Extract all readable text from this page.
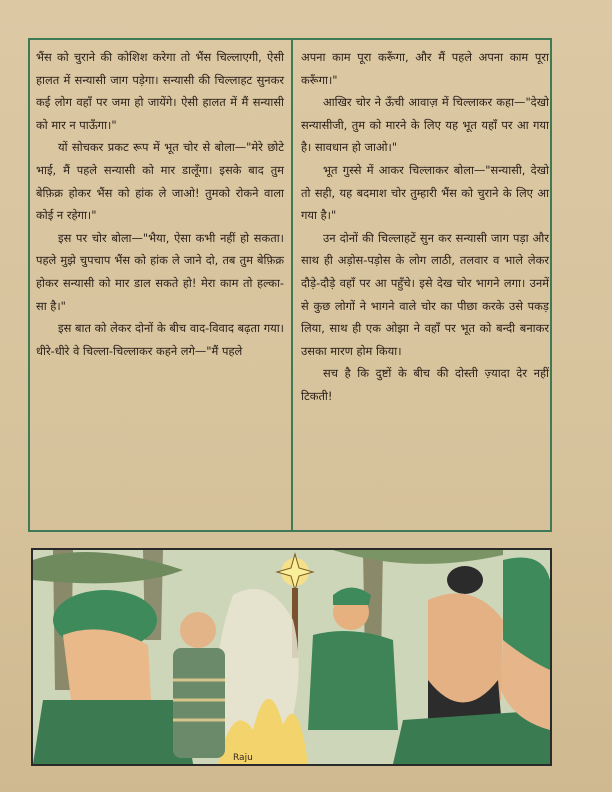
भैंस को चुराने की कोशिश करेगा तो भैंस चिल्लाएगी, ऐसी हालत में सन्यासी जाग पड़ेगा। सन्यासी की चिल्लाहट सुनकर कई लोग वहाँ पर जमा हो जायेंगे। ऐसी हालत में मैं सन्यासी को मार न पाऊँगा।"

यों सोचकर प्रकट रूप में भूत चोर से बोला—"मेरे छोटे भाई, मैं पहले सन्यासी को मार डालूँगा। इसके बाद तुम बेफ़िक्र होकर भैंस को हांक ले जाओ! तुमको रोकने वाला कोई न रहेगा।"

इस पर चोर बोला—"भैया, ऐसा कभी नहीं हो सकता। पहले मुझे चुपचाप भैंस को हांक ले जाने दो, तब तुम बेफ़िक्र होकर सन्यासी को मार डाल सकते हो! मेरा काम तो हल्का-सा है।"

इस बात को लेकर दोनों के बीच वाद-विवाद बढ़ता गया। धीरे-धीरे वे चिल्ला-चिल्लाकर कहने लगे—"मैं पहले

अपना काम पूरा करूँगा, और मैं पहले अपना काम पूरा करूँगा।"

आखिर चोर ने ऊँची आवाज़ में चिल्लाकर कहा—"देखो सन्यासीजी, तुम को मारने के लिए यह भूत यहाँ पर आ गया है। सावधान हो जाओ।"

भूत गुस्से में आकर चिल्लाकर बोला—"सन्यासी, देखो तो सही, यह बदमाश चोर तुम्हारी भैंस को चुराने के लिए आ गया है।"

उन दोनों की चिल्लाहटें सुन कर सन्यासी जाग पड़ा और साथ ही अड़ोस-पड़ोस के लोग लाठी, तलवार व भाले लेकर दौड़े-दौड़े वहाँ पर आ पहुँचे। इसे देख चोर भागने लगा। उनमें से कुछ लोगों ने भागने वाले चोर का पीछा करके उसे पकड़ लिया, साथ ही एक ओझा ने वहाँ पर भूत को बन्दी बनाकर उसका मारण होम किया।

सच है कि दुष्टों के बीच की दोस्ती ज़्यादा देर नहीं टिकती!

Raju
